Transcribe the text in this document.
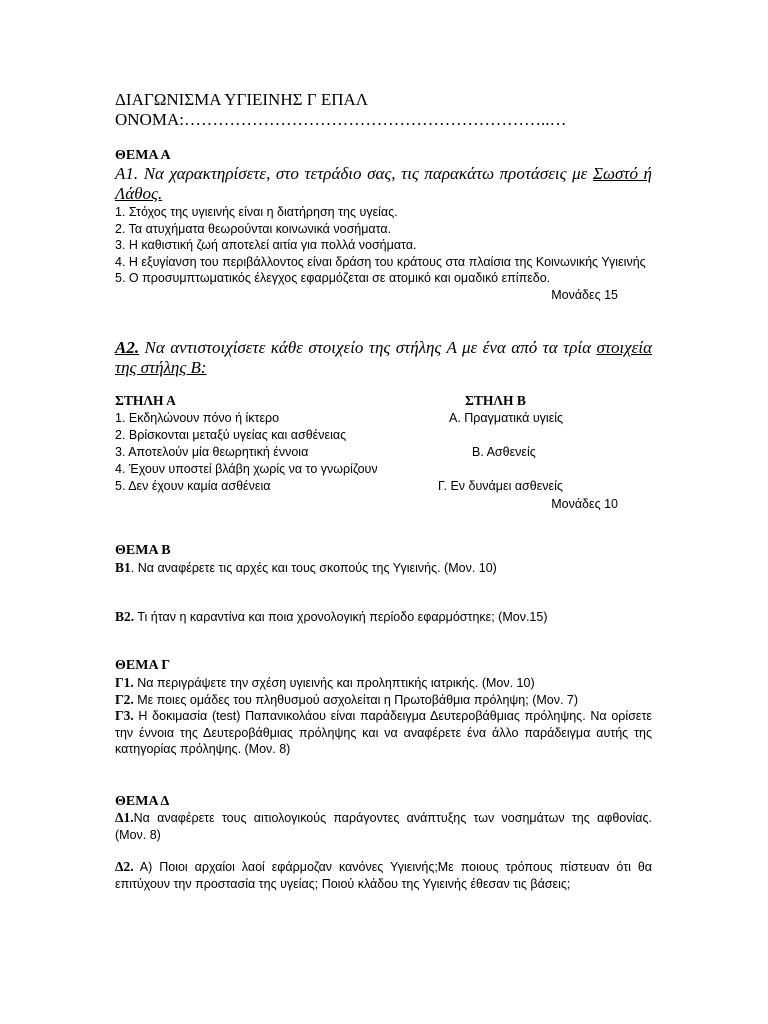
ΔΙΑΓΩΝΙΣΜΑ ΥΓΙΕΙΝΗΣ Γ ΕΠΑΛ
ΟΝΟΜΑ:………………………………………………………..…
ΘΕΜΑ Α
Α1. Να χαρακτηρίσετε, στο τετράδιο σας, τις παρακάτω προτάσεις με Σωστό ή Λάθος.

1. Στόχος της υγιεινής είναι η διατήρηση της υγείας.

2. Τα ατυχήματα θεωρούνται κοινωνικά νοσήματα.

3. Η καθιστική ζωή αποτελεί αιτία για πολλά νοσήματα.

4. Η εξυγίανση του περιβάλλοντος είναι δράση του κράτους στα πλαίσια της Κοινωνικής Υγιεινής

5. Ο προσυμπτωματικός έλεγχος εφαρμόζεται σε ατομικό και ομαδικό επίπεδο.

Μονάδες 15

Α2. Να αντιστοιχίσετε κάθε στοιχείο της στήλης Α με ένα από τα τρία στοιχεία της στήλης Β:
ΣΤΗΛΗ Α	ΣΤΗΛΗ Β
1. Εκδηλώνουν πόνο ή ίκτερο	Α. Πραγματικά υγιείς
2. Βρίσκονται μεταξύ υγείας και ασθένειας
3. Αποτελούν μία θεωρητική έννοια	Β. Ασθενείς
4. Έχουν υποστεί βλάβη χωρίς να το γνωρίζουν
5. Δεν έχουν καμία ασθένεια	Γ. Εν δυνάμει ασθενείς

Μονάδες 10

ΘΕΜΑ Β
Β1. Να αναφέρετε τις αρχές και τους σκοπούς της Υγιεινής. (Μον. 10)
Β2. Τι ήταν η καραντίνα και ποια χρονολογική περίοδο εφαρμόστηκε; (Μον.15)
ΘΕΜΑ Γ

Γ1. Να περιγράψετε την σχέση υγιεινής και προληπτικής ιατρικής. (Μον. 10)

Γ2. Με ποιες ομάδες του πληθυσμού ασχολείται η Πρωτοβάθμια πρόληψη; (Μον. 7)

Γ3. Η δοκιμασία (test) Παπανικολάου είναι παράδειγμα Δευτεροβάθμιας πρόληψης. Να ορίσετε την έννοια της Δευτεροβάθμιας πρόληψης και να αναφέρετε ένα άλλο παράδειγμα αυτής της κατηγορίας πρόληψης. (Μον. 8)

ΘΕΜΑ Δ
Δ1.Να αναφέρετε τους αιτιολογικούς παράγοντες ανάπτυξης των νοσημάτων της αφθονίας. (Μον. 8)
Δ2. Α) Ποιοι αρχαίοι λαοί εφάρμοζαν κανόνες Υγιεινής;Με ποιους τρόπους πίστευαν ότι θα επιτύχουν την προστασία της υγείας; Ποιού κλάδου της Υγιεινής έθεσαν τις βάσεις;
